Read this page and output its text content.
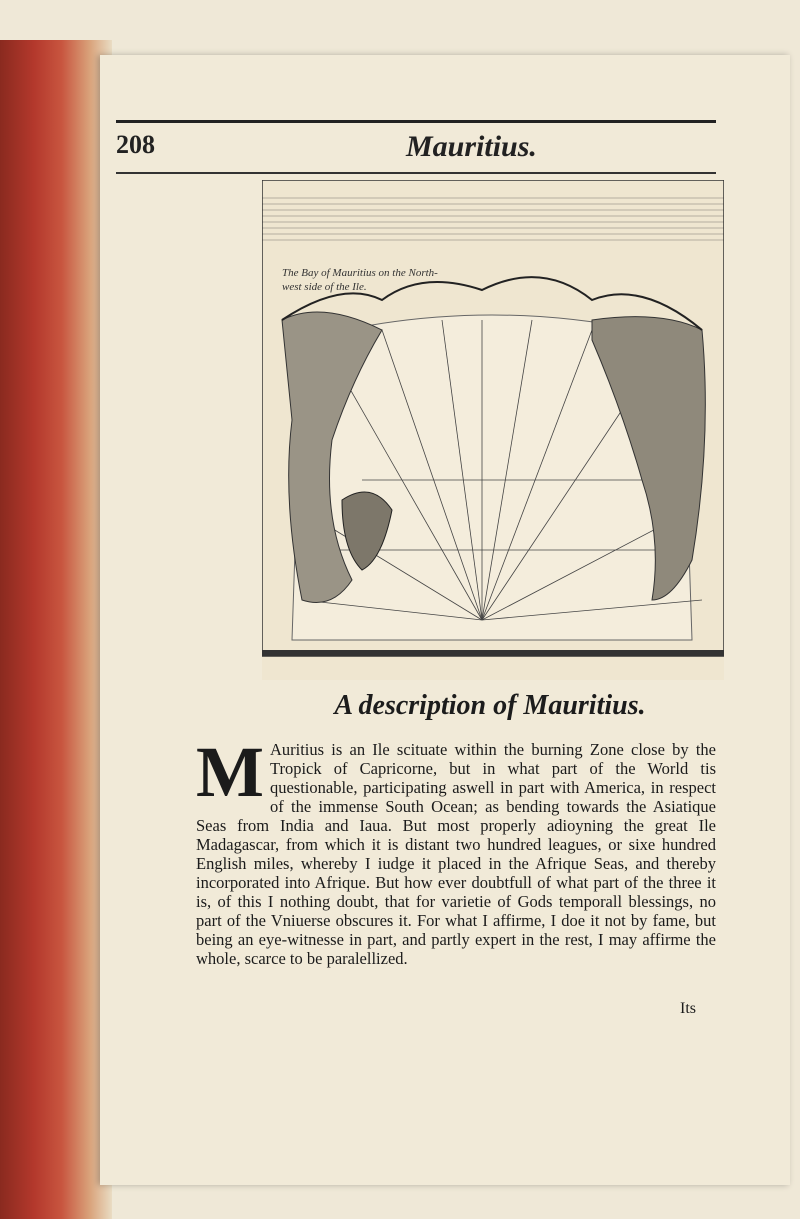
208	Mauritius.
The Bay of Mauritius on the North-west side of the Ile.
A description of Mauritius.
M Auritius is an Ile scituate within the burning Zone close by the Tropick of Capricorne, but in what part of the World tis questionable, participating aswell in part with America, in respect of the immense South Ocean; as bending towards the Asiatique Seas from India and Iaua. But most properly adioyning the great Ile Madagascar, from which it is distant two hundred leagues, or sixe hundred English miles, whereby I iudge it placed in the Afrique Seas, and thereby incorporated into Afrique. But how ever doubtfull of what part of the three it is, of this I nothing doubt, that for varietie of Gods temporall blessings, no part of the Vniuerse obscures it. For what I affirme, I doe it not by fame, but being an eye-witnesse in part, and partly expert in the rest, I may affirme the whole, scarce to be paralellized.
Its
